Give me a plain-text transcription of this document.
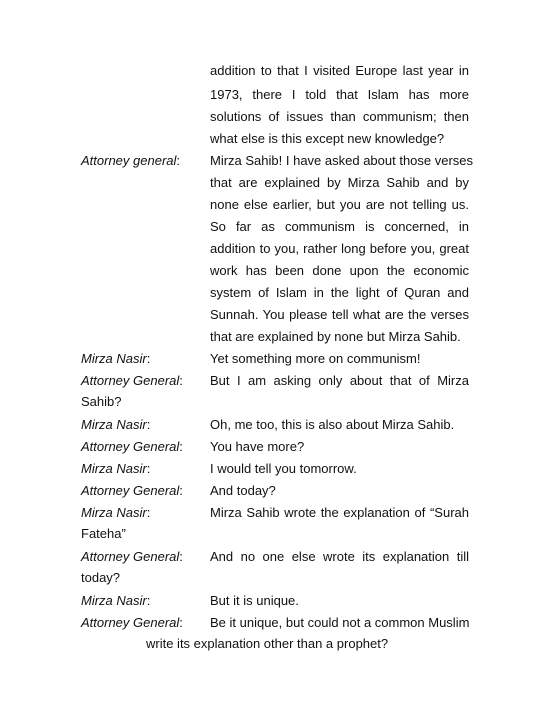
addition to that I visited Europe last year in
1973, there I told that Islam has more
solutions of issues than communism; then
what else is this except new knowledge?
Attorney general: Mirza Sahib! I have asked about those verses
that are explained by Mirza Sahib and by
none else earlier, but you are not telling us.
So far as communism is concerned, in
addition to you, rather long before you, great
work has been done upon the economic
system of Islam in the light of Quran and
Sunnah. You please tell what are the verses
that are explained by none but Mirza Sahib.
Mirza Nasir:	Yet something more on communism!
Attorney General: But I am asking only about that of Mirza
Sahib?
Mirza Nasir:	Oh, me too, this is also about Mirza Sahib.
Attorney General: You have more?
Mirza Nasir:	I would tell you tomorrow.
Attorney General: And today?
Mirza Nasir:	Mirza Sahib wrote the explanation of “Surah
Fateha”
Attorney General: And no one else wrote its explanation till
today?
Mirza Nasir:	But it is unique.
Attorney General: Be it unique, but could not a common Muslim
write its explanation other than a prophet?
